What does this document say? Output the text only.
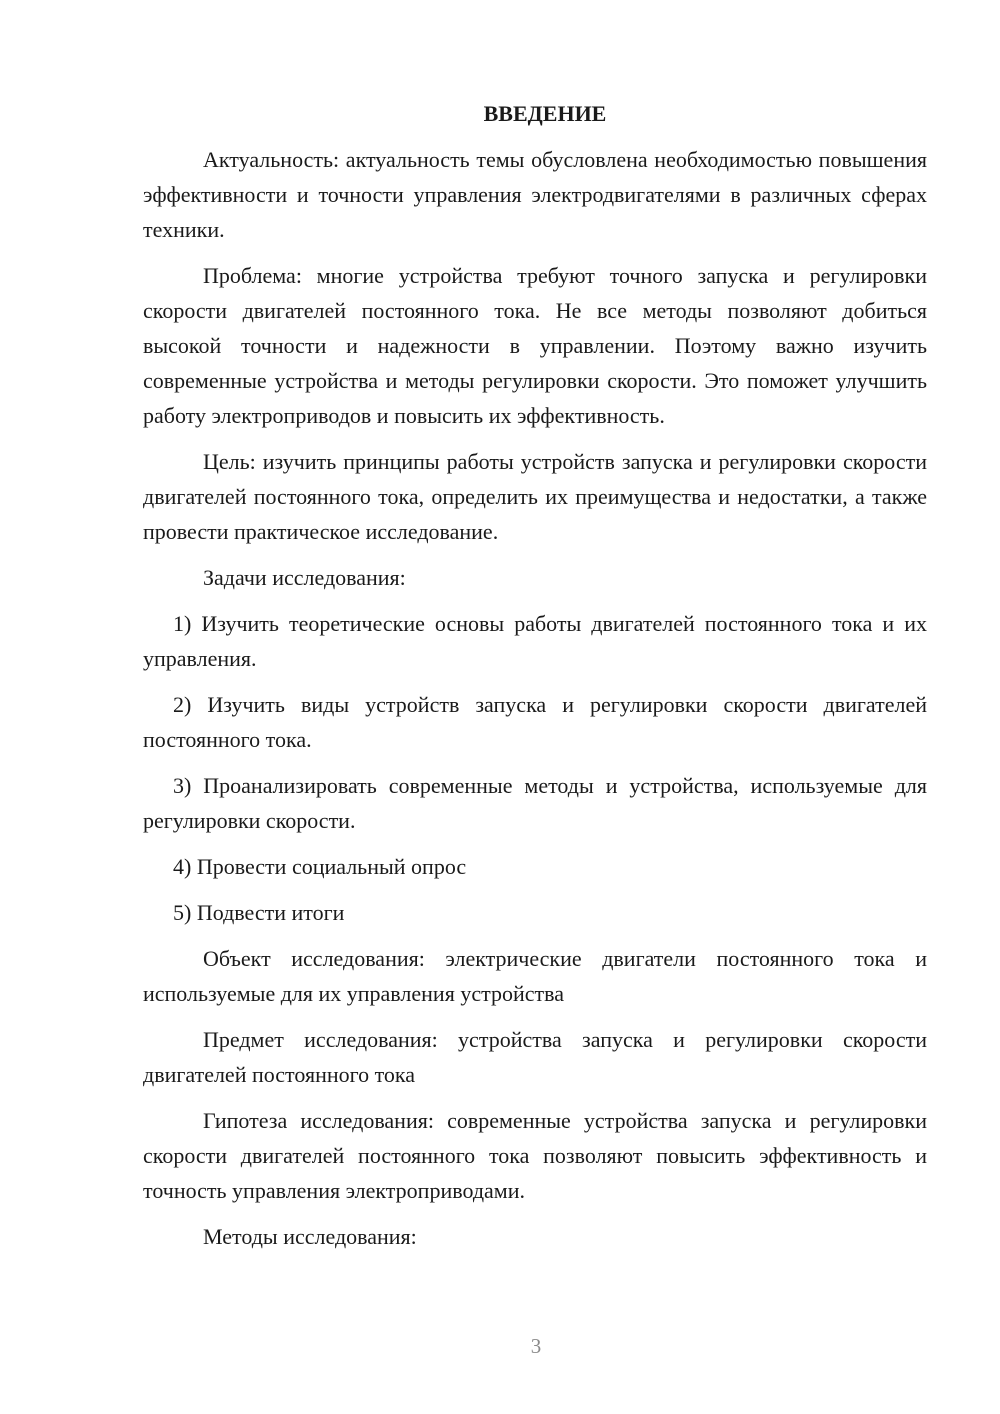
ВВЕДЕНИЕ

Актуальность: актуальность темы обусловлена необходимостью повышения эффективности и точности управления электродвигателями в различных сферах техники.

Проблема: многие устройства требуют точного запуска и регулировки скорости двигателей постоянного тока. Не все методы позволяют добиться высокой точности и надежности в управлении. Поэтому важно изучить современные устройства и методы регулировки скорости. Это поможет улучшить работу электроприводов и повысить их эффективность.

Цель: изучить принципы работы устройств запуска и регулировки скорости двигателей постоянного тока, определить их преимущества и недостатки, а также провести практическое исследование.

Задачи исследования:

1) Изучить теоретические основы работы двигателей постоянного тока и их управления.

2) Изучить виды устройств запуска и регулировки скорости двигателей постоянного тока.

3) Проанализировать современные методы и устройства, используемые для регулировки скорости.

4) Провести социальный опрос

5) Подвести итоги

Объект исследования: электрические двигатели постоянного тока и используемые для их управления устройства

Предмет исследования: устройства запуска и регулировки скорости двигателей постоянного тока

Гипотеза исследования: современные устройства запуска и регулировки скорости двигателей постоянного тока позволяют повысить эффективность и точность управления электроприводами.

Методы исследования:

3
